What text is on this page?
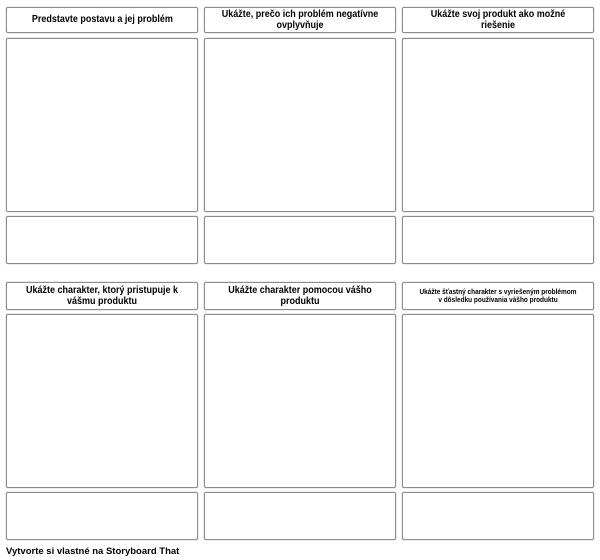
Predstavte postavu a jej problém
Ukážte, prečo ich problém negatívne ovplyvňuje
Ukážte svoj produkt ako možné riešenie
Ukážte charakter, ktorý pristupuje k vášmu produktu
Ukážte charakter pomocou vášho produktu
Ukážte šťastný charakter s vyriešeným problémom v dôsledku používania vášho produktu
Vytvorte si vlastné na Storyboard That
